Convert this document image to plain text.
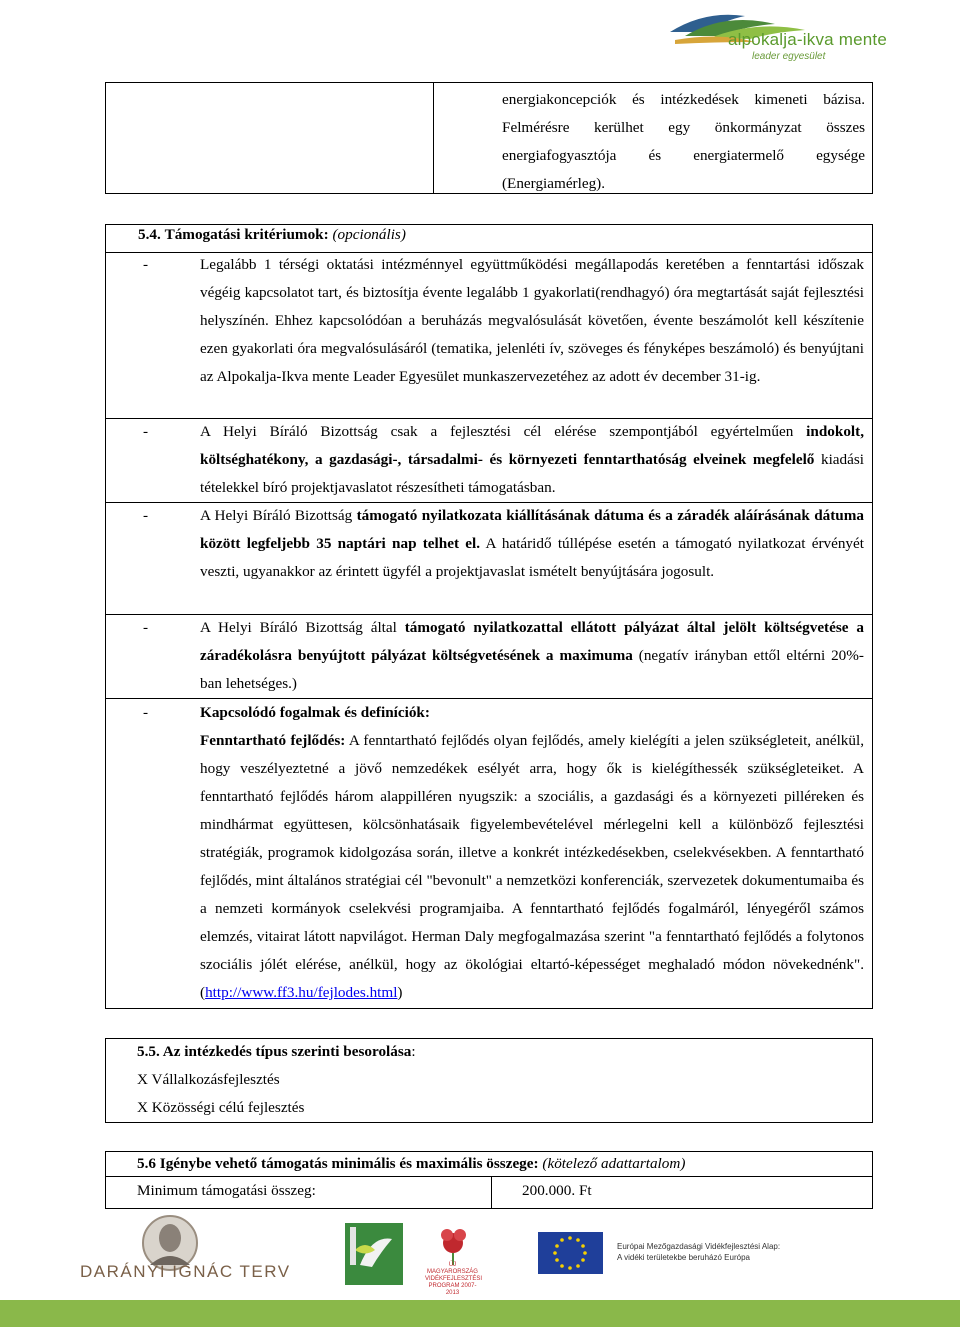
alpokalja-ikva mente
leader egyesület
energiakoncepciók és intézkedések kimeneti bázisa. Felmérésre kerülhet egy önkormányzat összes energiafogyasztója és energiatermelő egysége (Energiamérleg).
5.4. Támogatási kritériumok: (opcionális)
-	Legalább 1 térségi oktatási intézménnyel együttműködési megállapodás keretében a fenntartási időszak végéig kapcsolatot tart, és biztosítja évente legalább 1 gyakorlati(rendhagyó) óra megtartását saját fejlesztési helyszínén. Ehhez kapcsolódóan a beruházás megvalósulását követően, évente beszámolót kell készítenie ezen gyakorlati óra megvalósulásáról (tematika, jelenléti ív, szöveges és fényképes beszámoló) és benyújtani az Alpokalja-Ikva mente Leader Egyesület munkaszervezetéhez az adott év december 31-ig.
-	A Helyi Bíráló Bizottság csak a fejlesztési cél elérése szempontjából egyértelműen indokolt, költséghatékony, a gazdasági-, társadalmi- és környezeti fenntarthatóság elveinek megfelelő kiadási tételekkel bíró projektjavaslatot részesítheti támogatásban.
-	A Helyi Bíráló Bizottság támogató nyilatkozata kiállításának dátuma és a záradék aláírásának dátuma között legfeljebb 35 naptári nap telhet el. A határidő túllépése esetén a támogató nyilatkozat érvényét veszti, ugyanakkor az érintett ügyfél a projektjavaslat ismételt benyújtására jogosult.
-	A Helyi Bíráló Bizottság által támogató nyilatkozattal ellátott pályázat által jelölt költségvetése a záradékolásra benyújtott pályázat költségvetésének a maximuma (negatív irányban ettől eltérni 20%-ban lehetséges.)
-	Kapcsolódó fogalmak és definíciók:

Fenntartható fejlődés: A fenntartható fejlődés olyan fejlődés, amely kielégíti a jelen szükségleteit, anélkül, hogy veszélyeztetné a jövő nemzedékek esélyét arra, hogy ők is kielégíthessék szükségleteiket. A fenntartható fejlődés három alappilléren nyugszik: a szociális, a gazdasági és a környezeti pilléreken és mindhármat együttesen, kölcsönhatásaik figyelembevételével mérlegelni kell a különböző fejlesztési stratégiák, programok kidolgozása során, illetve a konkrét intézkedésekben, cselekvésekben. A fenntartható fejlődés, mint általános stratégiai cél "bevonult" a nemzetközi konferenciák, szervezetek dokumentumaiba és a nemzeti kormányok cselekvési programjaiba. A fenntartható fejlődés fogalmáról, lényegéről számos elemzés, vitairat látott napvilágot. Herman Daly megfogalmazása szerint "a fenntartható fejlődés a folytonos szociális jólét elérése, anélkül, hogy az ökológiai eltartó-képességet meghaladó módon növekednénk". (http://www.ff3.hu/fejlodes.html)

5.5. Az intézkedés típus szerinti besorolása:
X Vállalkozásfejlesztés
X Közösségi célú fejlesztés
5.6 Igénybe vehető támogatás minimális és maximális összege: (kötelező adattartalom)
Minimum támogatási összeg:	200.000. Ft
DARÁNYI IGNÁC TERV	ÚJ MAGYARORSZÁG VIDÉKFEJLESZTÉSI PROGRAM 2007-2013
Európai Mezőgazdasági Vidékfejlesztési Alap:
A vidéki területekbe beruházó Európa
